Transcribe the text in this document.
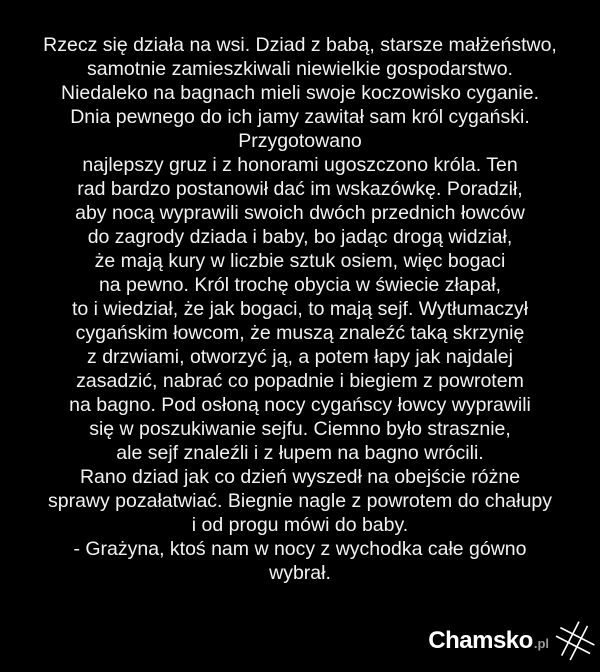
Rzecz się działa na wsi. Dziad z babą, starsze małżeństwo,
samotnie zamieszkiwali niewielkie gospodarstwo.
Niedaleko na bagnach mieli swoje koczowisko cyganie.
Dnia pewnego do ich jamy zawitał sam król cygański.
Przygotowano
najlepszy gruz i z honorami ugoszczono króla. Ten
rad bardzo postanowił dać im wskazówkę. Poradził,
aby nocą wyprawili swoich dwóch przednich łowców
do zagrody dziada i baby, bo jadąc drogą widział,
że mają kury w liczbie sztuk osiem, więc bogaci
na pewno. Król trochę obycia w świecie złapał,
to i wiedział, że jak bogaci, to mają sejf. Wytłumaczył
cygańskim łowcom, że muszą znaleźć taką skrzynię
z drzwiami, otworzyć ją, a potem łapy jak najdalej
zasadzić, nabrać co popadnie i biegiem z powrotem
na bagno. Pod osłoną nocy cygańscy łowcy wyprawili
się w poszukiwanie sejfu. Ciemno było strasznie,
ale sejf znaleźli i z łupem na bagno wrócili.
Rano dziad jak co dzień wyszedł na obejście różne
sprawy pozałatwiać. Biegnie nagle z powrotem do chałupy
i od progu mówi do baby.
- Grażyna, ktoś nam w nocy z wychodka całe gówno
wybrał.
Chamsko .pl
